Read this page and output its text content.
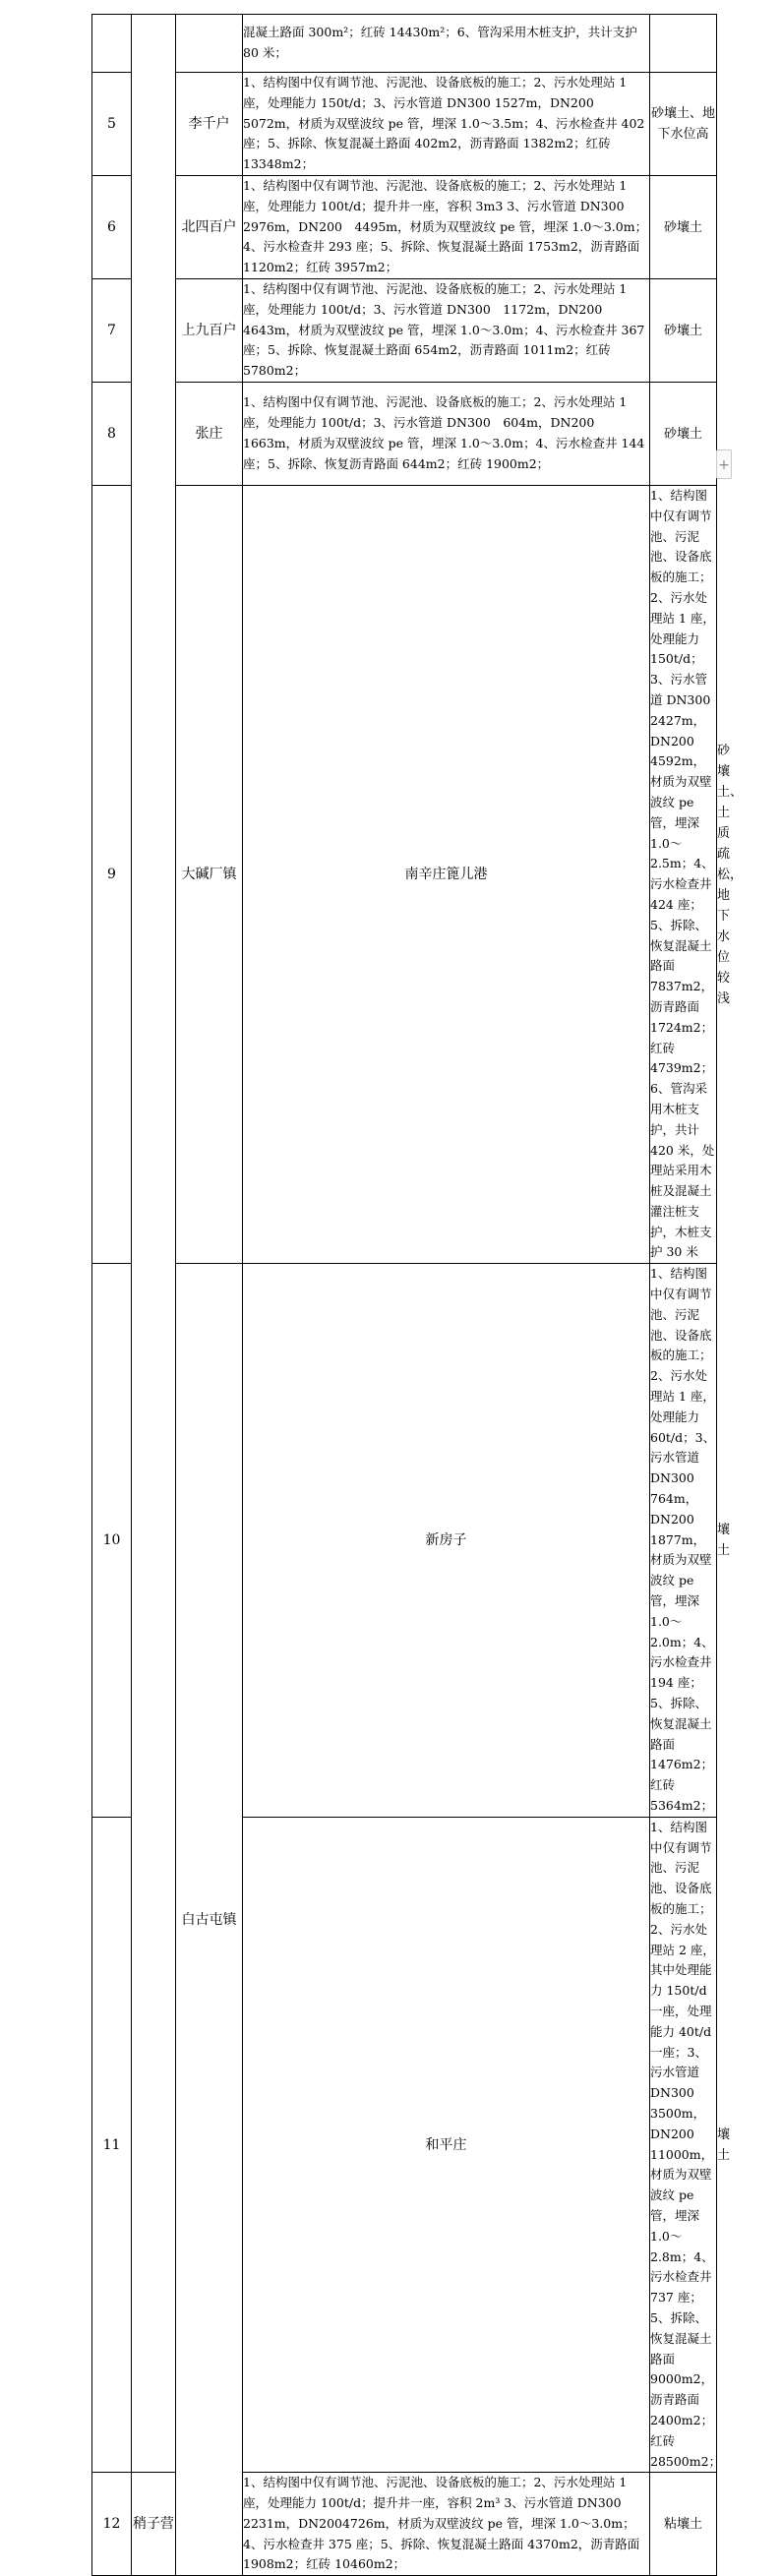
			混凝土路面 300m²；红砖 14430m²；6、管沟采用木桩支护，共计支护 80 米；		
5		李千户	1、结构图中仅有调节池、污泥池、设备底板的施工；2、污水处理站 1 座，处理能力 150t/d；3、污水管道 DN300 1527m，DN200 5072m，材质为双壁波纹 pe 管，埋深 1.0～3.5m；4、污水检查井 402 座；5、拆除、恢复混凝土路面 402m2，沥青路面 1382m2；红砖 13348m2；	砂壤土、地下水位高	
6		北四百户	1、结构图中仅有调节池、污泥池、设备底板的施工；2、污水处理站 1 座，处理能力 100t/d；提升井一座，容积 3m3 3、污水管道 DN300　2976m，DN200　4495m，材质为双壁波纹 pe 管，埋深 1.0～3.0m；4、污水检查井 293 座；5、拆除、恢复混凝土路面 1753m2，沥青路面 1120m2；红砖 3957m2；	砂壤土	
7		上九百户	1、结构图中仅有调节池、污泥池、设备底板的施工；2、污水处理站 1 座，处理能力 100t/d；3、污水管道 DN300　1172m，DN200　4643m，材质为双壁波纹 pe 管，埋深 1.0～3.0m；4、污水检查井 367 座；5、拆除、恢复混凝土路面 654m2，沥青路面 1011m2；红砖 5780m2；	砂壤土	
8		张庄	1、结构图中仅有调节池、污泥池、设备底板的施工；2、污水处理站 1 座，处理能力 100t/d；3、污水管道 DN300　604m，DN200　1663m，材质为双壁波纹 pe 管，埋深 1.0～3.0m；4、污水检查井 144 座；5、拆除、恢复沥青路面 644m2；红砖 1900m2；	砂壤土	
9		大碱厂镇	南辛庄篦儿港	1、结构图中仅有调节池、污泥池、设备底板的施工；2、污水处理站 1 座，处理能力 150t/d；3、污水管道 DN300　2427m，DN200　4592m，材质为双壁波纹 pe 管，埋深 1.0～2.5m；4、污水检查井 424 座；5、拆除、恢复混凝土路面 7837m2，沥青路面 1724m2；红砖 4739m2；6、管沟采用木桩支护，共计 420 米，处理站采用木桩及混凝土灌注桩支护，木桩支护 30 米	砂壤土、土质疏松，地下水位较浅
10		白古屯镇	新房子	1、结构图中仅有调节池、污泥池、设备底板的施工；2、污水处理站 1 座，处理能力 60t/d；3、污水管道 DN300 764m，DN200　1877m，材质为双壁波纹 pe 管，埋深 1.0～2.0m；4、污水检查井 194 座；5、拆除、恢复混凝土路面 1476m2；红砖 5364m2；	壤土
11			和平庄	1、结构图中仅有调节池、污泥池、设备底板的施工；2、污水处理站 2 座，其中处理能力 150t/d 一座，处理能力 40t/d 一座；3、污水管道 DN300　3500m，DN200 11000m，材质为双壁波纹 pe 管，埋深 1.0～2.8m；4、污水检查井 737 座；5、拆除、恢复混凝土路面 9000m2，沥青路面 2400m2；红砖 28500m2；	壤土
12	稍子营		1、结构图中仅有调节池、污泥池、设备底板的施工；2、污水处理站 1 座，处理能力 100t/d；提升井一座，容积 2m³ 3、污水管道 DN300　2231m，DN2004726m，材质为双壁波纹 pe 管，埋深 1.0～3.0m；4、污水检查井 375 座；5、拆除、恢复混凝土路面 4370m2，沥青路面 1908m2；红砖 10460m2；	粘壤土	
+
